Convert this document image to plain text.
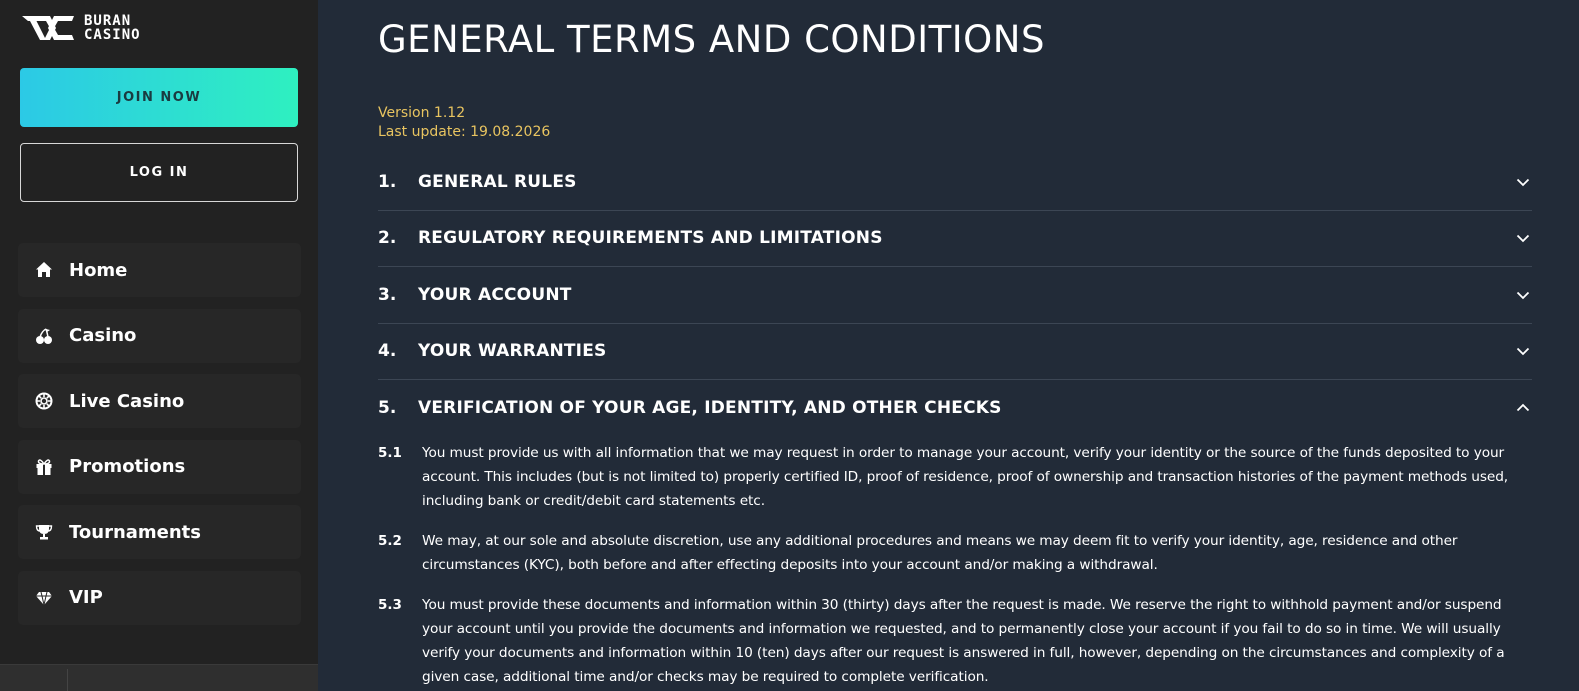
BURAN
CASINO
JOIN NOW
LOG IN
Home
Casino
Live Casino
Promotions
Tournaments
VIP
GENERAL TERMS AND CONDITIONS
Version 1.12
Last update: 19.08.2026
1.	GENERAL RULES
2.	REGULATORY REQUIREMENTS AND LIMITATIONS
3.	YOUR ACCOUNT
4.	YOUR WARRANTIES
5.	VERIFICATION OF YOUR AGE, IDENTITY, AND OTHER CHECKS
5.1	You must provide us with all information that we may request in order to manage your account, verify your identity or the source of the funds deposited to your account. This includes (but is not limited to) properly certified ID, proof of residence, proof of ownership and transaction histories of the payment methods used, including bank or credit/debit card statements etc.

5.2	We may, at our sole and absolute discretion, use any additional procedures and means we may deem fit to verify your identity, age, residence and other circumstances (KYC), both before and after effecting deposits into your account and/or making a withdrawal.

5.3	You must provide these documents and information within 30 (thirty) days after the request is made. We reserve the right to withhold payment and/or suspend your account until you provide the documents and information we requested, and to permanently close your account if you fail to do so in time. We will usually verify your documents and information within 10 (ten) days after our request is answered in full, however, depending on the circumstances and complexity of a given case, additional time and/or checks may be required to complete verification.
